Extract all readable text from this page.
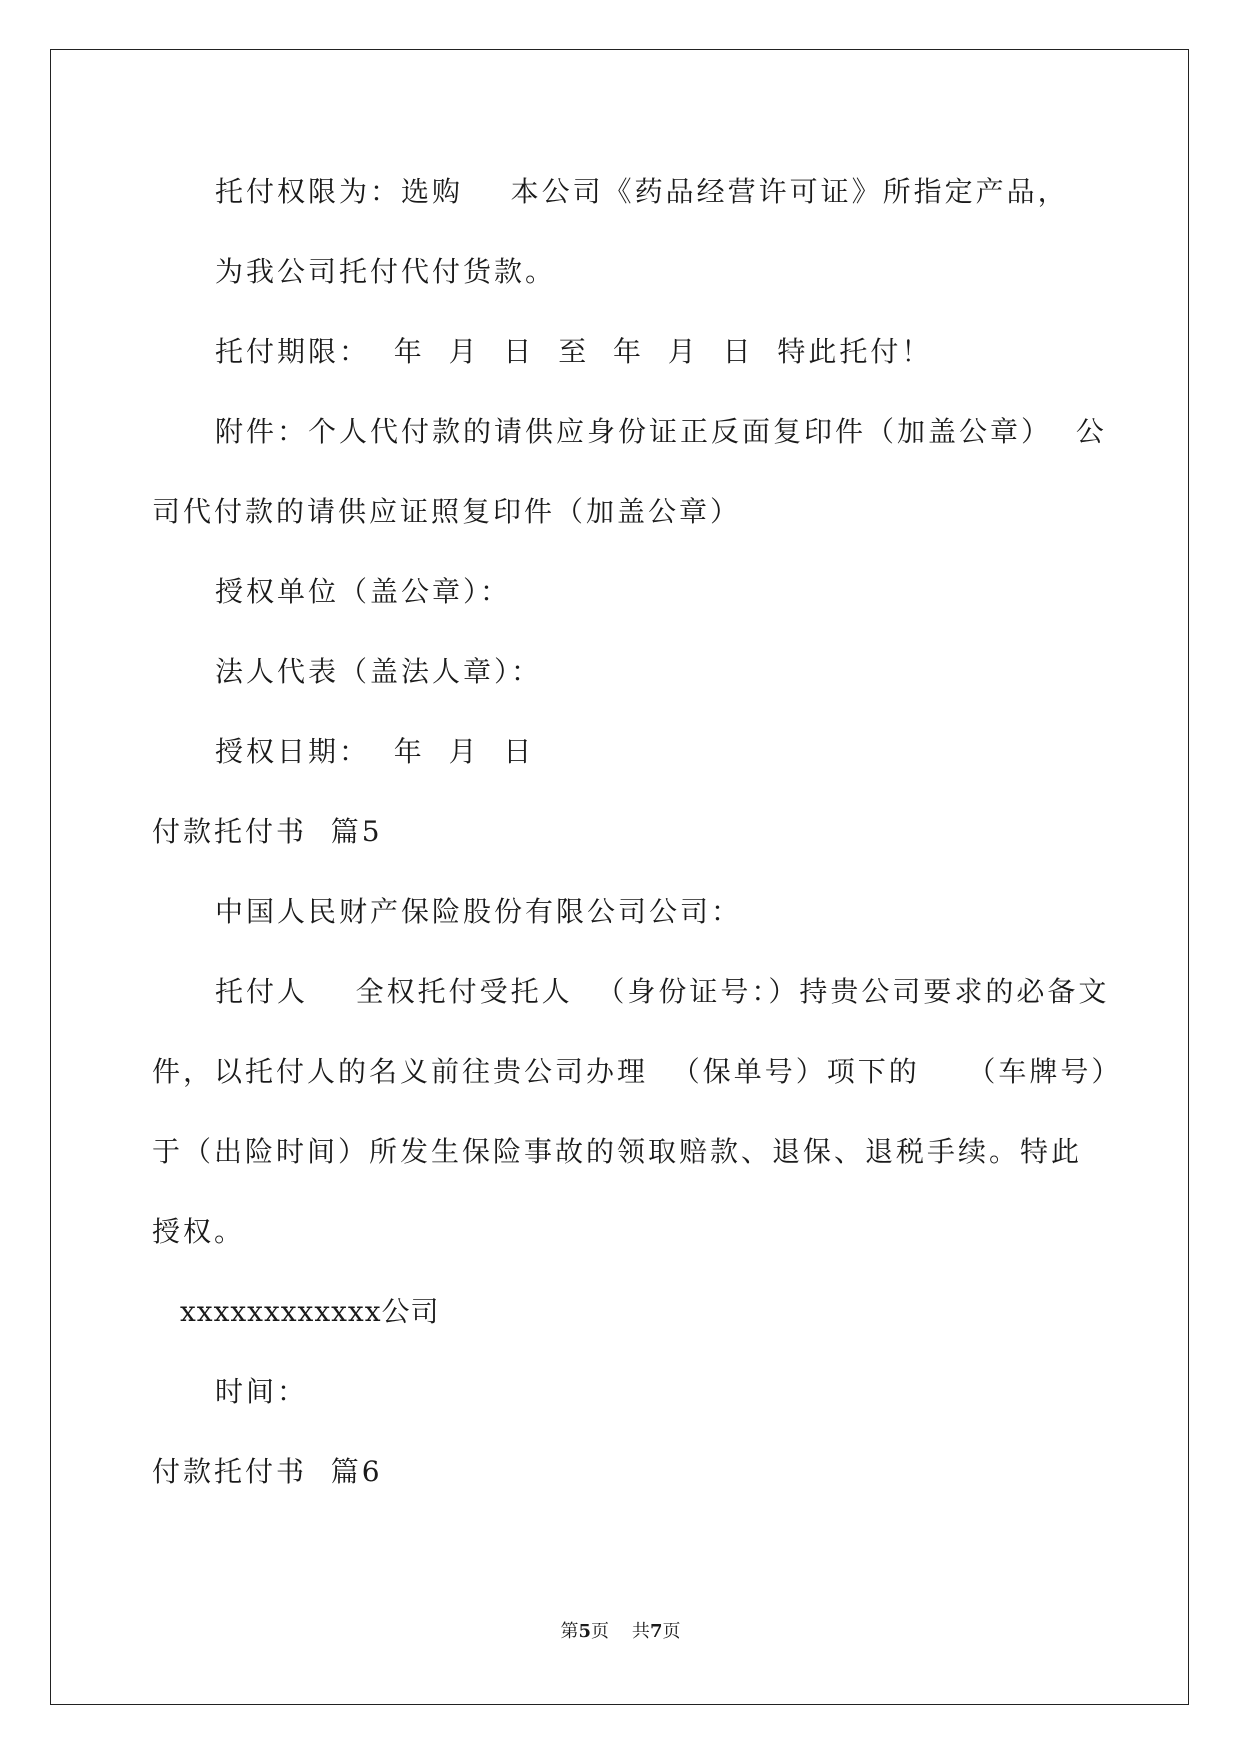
托付权限为：选购    本公司《药品经营许可证》所指定产品，
为我公司托付代付货款。
托付期限：  年  月  日  至  年  月  日  特此托付！
附件：个人代付款的请供应身份证正反面复印件（加盖公章）  公
司代付款的请供应证照复印件（加盖公章）
授权单位（盖公章）：
法人代表（盖法人章）：
授权日期：  年  月  日
付款托付书  篇5
中国人民财产保险股份有限公司公司：
托付人    全权托付受托人  （身份证号：）持贵公司要求的必备文
件，以托付人的名义前往贵公司办理  （保单号）项下的    （车牌号）
于（出险时间）所发生保险事故的领取赔款、退保、退税手续。特此
授权。
xxxxxxxxxxxx公司
时间：
付款托付书  篇6
第5页    共7页
